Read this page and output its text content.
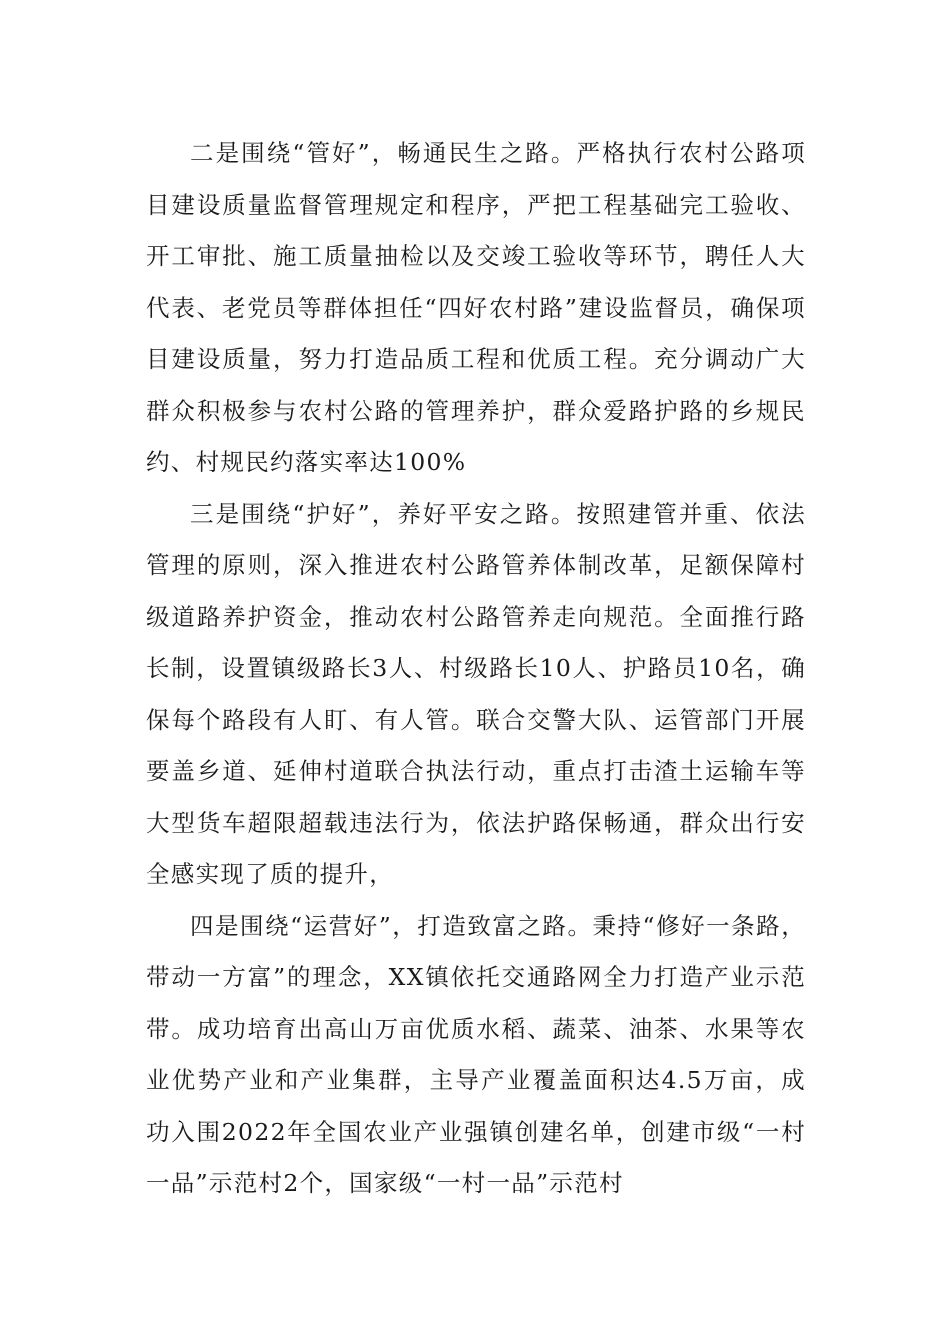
二是围绕“管好”，畅通民生之路。严格执行农村公路项目建设质量监督管理规定和程序，严把工程基础完工验收、开工审批、施工质量抽检以及交竣工验收等环节，聘任人大代表、老党员等群体担任“四好农村路”建设监督员，确保项目建设质量，努力打造品质工程和优质工程。充分调动广大群众积极参与农村公路的管理养护，群众爱路护路的乡规民约、村规民约落实率达100%

三是围绕“护好”，养好平安之路。按照建管并重、依法管理的原则，深入推进农村公路管养体制改革，足额保障村级道路养护资金，推动农村公路管养走向规范。全面推行路长制，设置镇级路长3人、村级路长10人、护路员10名，确保每个路段有人盯、有人管。联合交警大队、运管部门开展要盖乡道、延伸村道联合执法行动，重点打击渣土运输车等大型货车超限超载违法行为，依法护路保畅通，群众出行安全感实现了质的提升，

四是围绕“运营好”，打造致富之路。秉持“修好一条路，带动一方富”的理念，XX镇依托交通路网全力打造产业示范带。成功培育出高山万亩优质水稻、蔬菜、油茶、水果等农业优势产业和产业集群，主导产业覆盖面积达4.5万亩，成功入围2022年全国农业产业强镇创建名单，创建市级“一村一品”示范村2个，国家级“一村一品”示范村
